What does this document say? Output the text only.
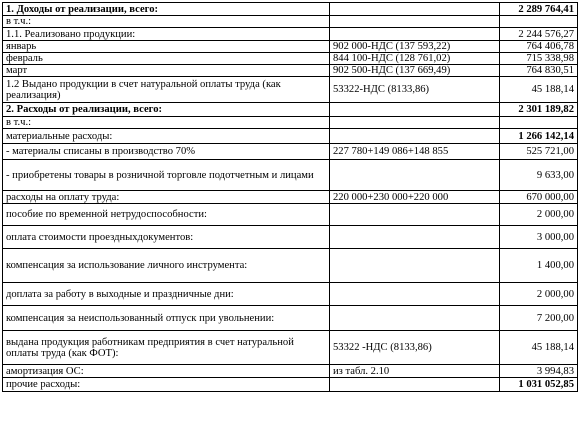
1. Доходы от реализации, всего:		2 289 764,41
в т.ч.:		
1.1. Реализовано продукции:		2 244 576,27
январь	902 000-НДС (137 593,22)	764 406,78
февраль	844 100-НДС (128 761,02)	715 338,98
март	902 500-НДС (137 669,49)	764 830,51
1.2 Выдано продукции в счет натуральной оплаты труда (как реализация)	53322-НДС (8133,86)	45 188,14
2. Расходы от реализации, всего:		2 301 189,82
в т.ч.:		
материальные расходы:		1 266 142,14
- материалы списаны в производство 70%	227 780+149 086+148 855	525 721,00
- приобретены товары в розничной торговле подотчетным и лицами		9 633,00
расходы на оплату труда:	220 000+230 000+220 000	670 000,00
пособие по временной нетрудоспособности:		2 000,00
оплата стоимости проездныхдокументов:		3 000,00
компенсация за использование личного инструмента:		1 400,00
доплата за работу в выходные и праздничные дни:		2 000,00
компенсация за неиспользованный отпуск при увольнении:		7 200,00
выдана продукция работникам предприятия в счет натуральной оплаты труда (как ФОТ):	53322 -НДС (8133,86)	45 188,14
амортизация ОС:	из табл. 2.10	3 994,83
прочие расходы:		1 031 052,85
